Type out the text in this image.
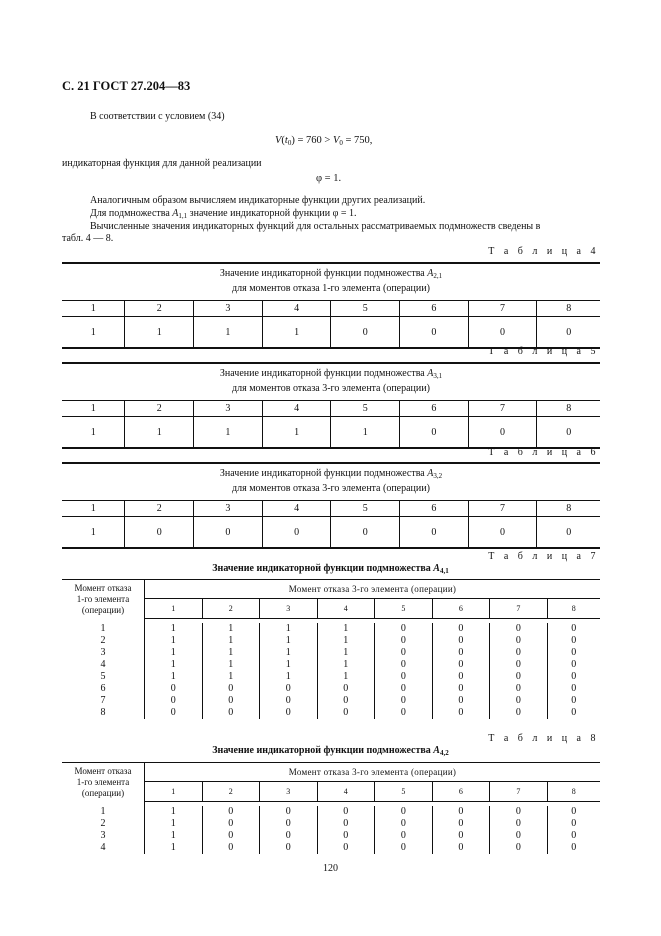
С. 21 ГОСТ 27.204—83
В соответствии с условием (34)
$V(t_0) = 760 > V_0 = 750$,
индикаторная функция для данной реализации
φ = 1.
Аналогичным образом вычисляем индикаторные функции других реализаций.
Для подмножества $A_{1,1}$ значение индикаторной функции φ = 1.
Вычисленные значения индикаторных функций для остальных рассматриваемых подмножеств сведены в
табл. 4 — 8.
Т а б л и ц а 4
Значение индикаторной функции подмножества $A_{2,1}$
для моментов отказа 1-го элемента (операции)							
1	2	3	4	5	6	7	8
1	1	1	1	0	0	0	0
Т а б л и ц а 5
Значение индикаторной функции подмножества $A_{3,1}$
для моментов отказа 3-го элемента (операции)							
1	2	3	4	5	6	7	8
1	1	1	1	1	0	0	0
Т а б л и ц а 6
Значение индикаторной функции подмножества $A_{3,2}$
для моментов отказа 3-го элемента (операции)							
1	2	3	4	5	6	7	8
1	0	0	0	0	0	0	0
Т а б л и ц а 7
Значение индикаторной функции подмножества $A_{4,1}$
Момент отказа
1-го элемента
(операции)	Момент отказа 3-го элемента (операции)							
	1	2	3	4	5	6	7	8

1	1	1	1	1	0	0	0	0
2	1	1	1	1	0	0	0	0
3	1	1	1	1	0	0	0	0
4	1	1	1	1	0	0	0	0
5	1	1	1	1	0	0	0	0
6	0	0	0	0	0	0	0	0
7	0	0	0	0	0	0	0	0
8	0	0	0	0	0	0	0	0
Т а б л и ц а 8
Значение индикаторной функции подмножества $A_{4,2}$
Момент отказа
1-го элемента
(операции)	Момент отказа 3-го элемента (операции)							
	1	2	3	4	5	6	7	8

1	1	0	0	0	0	0	0	0
2	1	0	0	0	0	0	0	0
3	1	0	0	0	0	0	0	0
4	1	0	0	0	0	0	0	0
120
